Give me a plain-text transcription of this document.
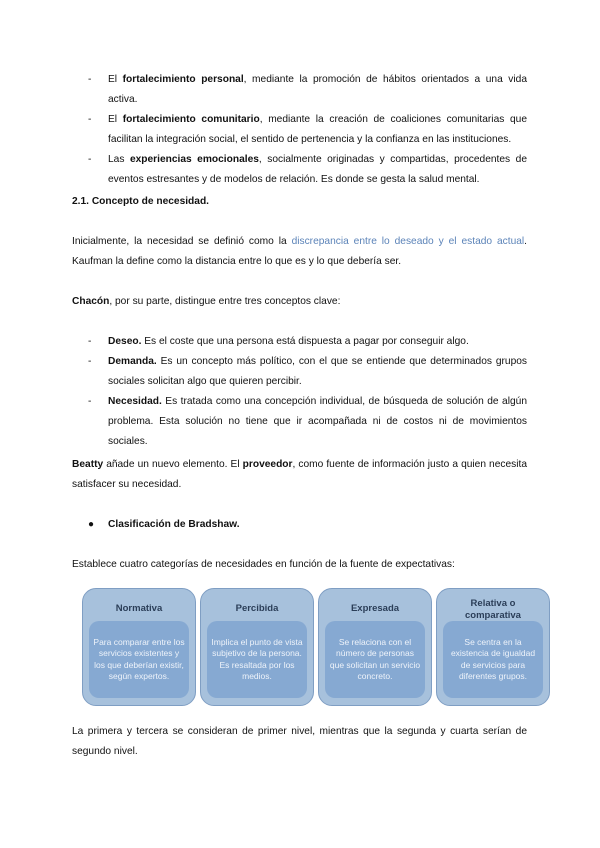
- El fortalecimiento personal, mediante la promoción de hábitos orientados a una vida activa.
- El fortalecimiento comunitario, mediante la creación de coaliciones comunitarias que facilitan la integración social, el sentido de pertenencia y la confianza en las instituciones.
- Las experiencias emocionales, socialmente originadas y compartidas, procedentes de eventos estresantes y de modelos de relación. Es donde se gesta la salud mental.
2.1. Concepto de necesidad.
Inicialmente, la necesidad se definió como la discrepancia entre lo deseado y el estado actual. Kaufman la define como la distancia entre lo que es y lo que debería ser.
Chacón, por su parte, distingue entre tres conceptos clave:
- Deseo. Es el coste que una persona está dispuesta a pagar por conseguir algo.
- Demanda. Es un concepto más político, con el que se entiende que determinados grupos sociales solicitan algo que quieren percibir.
- Necesidad. Es tratada como una concepción individual, de búsqueda de solución de algún problema. Esta solución no tiene que ir acompañada ni de costos ni de movimientos sociales.
Beatty añade un nuevo elemento. El proveedor, como fuente de información justo a quien necesita satisfacer su necesidad.
● Clasificación de Bradshaw.
Establece cuatro categorías de necesidades en función de la fuente de expectativas:
Normativa
Para comparar entre los servicios existentes y los que deberían existir, según expertos.
Percibida
Implica el punto de vista subjetivo de la persona. Es resaltada por los medios.
Expresada
Se relaciona con el número de personas que solicitan un servicio concreto.
Relativa o comparativa
Se centra en la existencia de igualdad de servicios para diferentes grupos.
La primera y tercera se consideran de primer nivel, mientras que la segunda y cuarta serían de segundo nivel.
